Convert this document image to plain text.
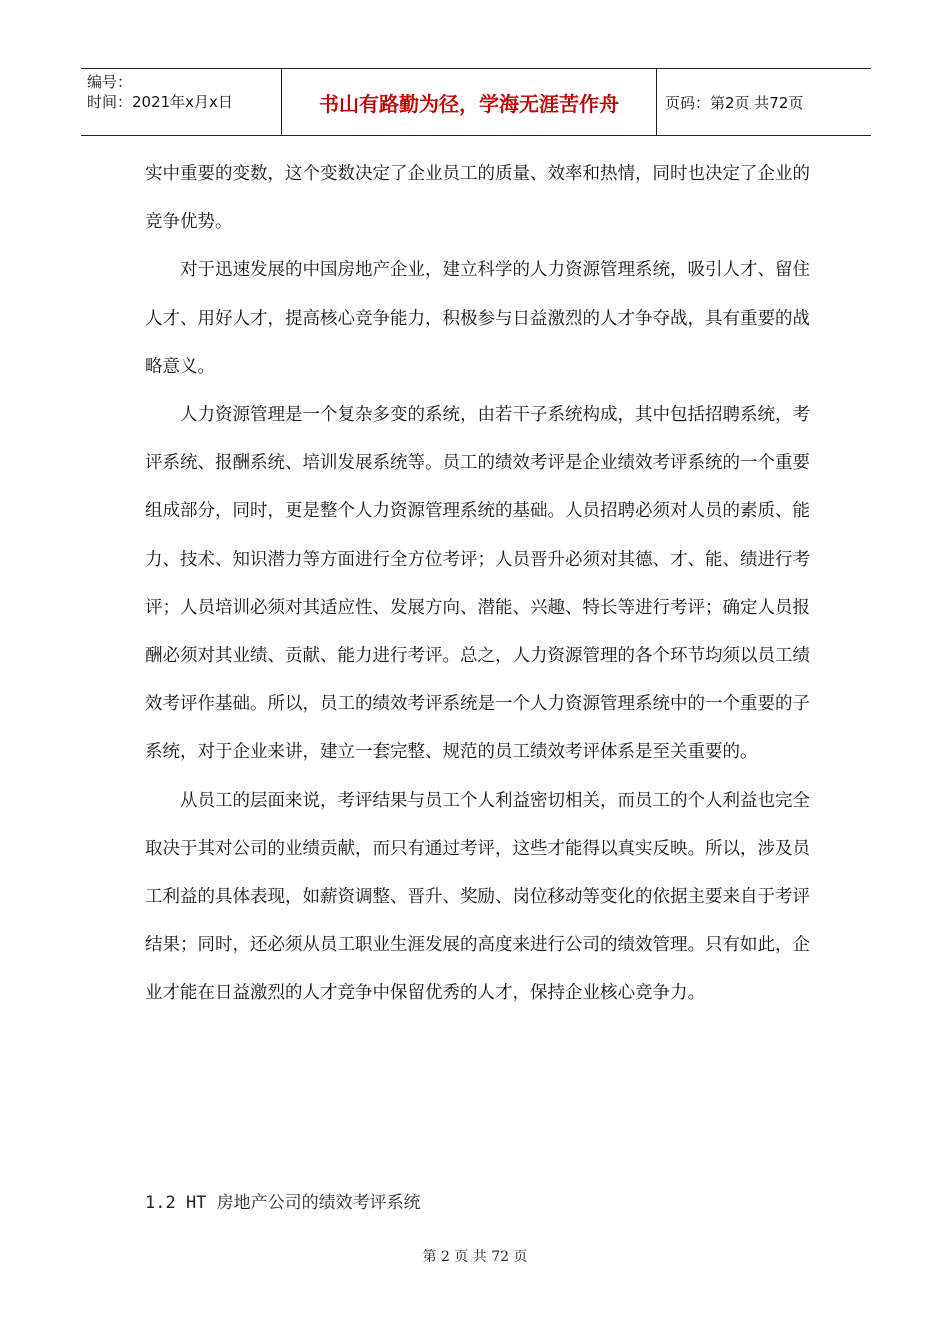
编号：
时间：2021年x月x日	书山有路勤为径，学海无涯苦作舟	页码：第2页 共72页

实中重要的变数，这个变数决定了企业员工的质量、效率和热情，同时也决定了企业的竞争优势。

对于迅速发展的中国房地产企业，建立科学的人力资源管理系统，吸引人才、留住人才、用好人才，提高核心竞争能力，积极参与日益激烈的人才争夺战，具有重要的战略意义。

人力资源管理是一个复杂多变的系统，由若干子系统构成，其中包括招聘系统，考评系统、报酬系统、培训发展系统等。员工的绩效考评是企业绩效考评系统的一个重要组成部分，同时，更是整个人力资源管理系统的基础。人员招聘必须对人员的素质、能力、技术、知识潜力等方面进行全方位考评；人员晋升必须对其德、才、能、绩进行考评；人员培训必须对其适应性、发展方向、潜能、兴趣、特长等进行考评；确定人员报酬必须对其业绩、贡献、能力进行考评。总之，人力资源管理的各个环节均须以员工绩效考评作基础。所以，员工的绩效考评系统是一个人力资源管理系统中的一个重要的子系统，对于企业来讲，建立一套完整、规范的员工绩效考评体系是至关重要的。

从员工的层面来说，考评结果与员工个人利益密切相关，而员工的个人利益也完全取决于其对公司的业绩贡献，而只有通过考评，这些才能得以真实反映。所以，涉及员工利益的具体表现，如薪资调整、晋升、奖励、岗位移动等变化的依据主要来自于考评结果；同时，还必须从员工职业生涯发展的高度来进行公司的绩效管理。只有如此，企业才能在日益激烈的人才竞争中保留优秀的人才，保持企业核心竞争力。

1.2 HT 房地产公司的绩效考评系统
第 2 页 共 72 页
